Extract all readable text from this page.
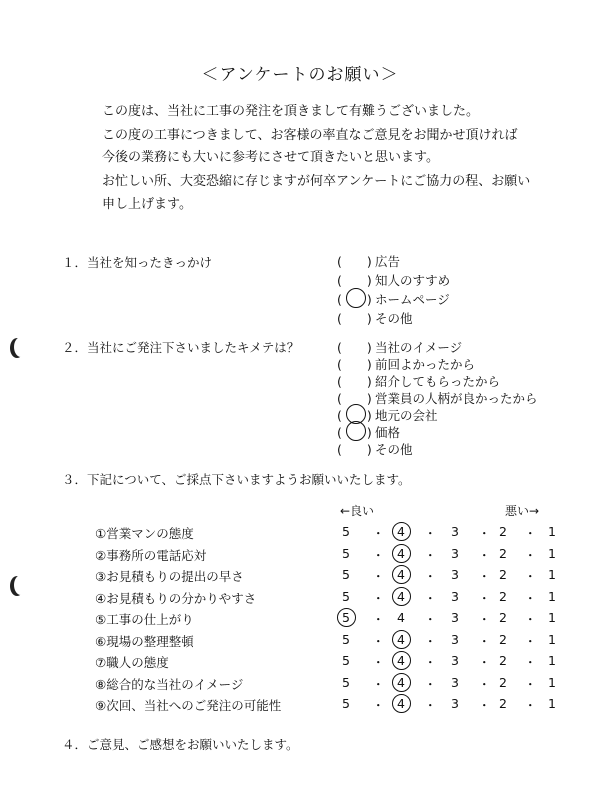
＜アンケートのお願い＞
この度は、当社に工事の発注を頂きまして有難うございました。
この度の工事につきまして、お客様の率直なご意見をお聞かせ頂ければ
今後の業務にも大いに参考にさせて頂きたいと思います。
お忙しい所、大変恐縮に存じますが何卒アンケートにご協力の程、お願い
申し上げます。
１．当社を知ったきっかけ	(　　) 広告
(　　) 知人のすすめ
(　　) ホームページ
(　　) その他
２．当社にご発注下さいましたキメテは？	(　　) 当社のイメージ
(　　) 前回よかったから
(　　) 紹介してもらったから
(　　) 営業員の人柄が良かったから
(　　) 地元の会社
(　　) 価格
(　　) その他
３．下記について、ご採点下さいますようお願いいたします。
←良い	悪い→
①営業マンの態度	5 ・ 4 ・ 3 ・ 2 ・ 1
②事務所の電話応対	5 ・ 4 ・ 3 ・ 2 ・ 1
③お見積もりの提出の早さ	5 ・ 4 ・ 3 ・ 2 ・ 1
④お見積もりの分かりやすさ	5 ・ 4 ・ 3 ・ 2 ・ 1
⑤工事の仕上がり	5 ・ 4 ・ 3 ・ 2 ・ 1
⑥現場の整理整頓	5 ・ 4 ・ 3 ・ 2 ・ 1
⑦職人の態度	5 ・ 4 ・ 3 ・ 2 ・ 1
⑧総合的な当社のイメージ	5 ・ 4 ・ 3 ・ 2 ・ 1
⑨次回、当社へのご発注の可能性	5 ・ 4 ・ 3 ・ 2 ・ 1
４．ご意見、ご感想をお願いいたします。
